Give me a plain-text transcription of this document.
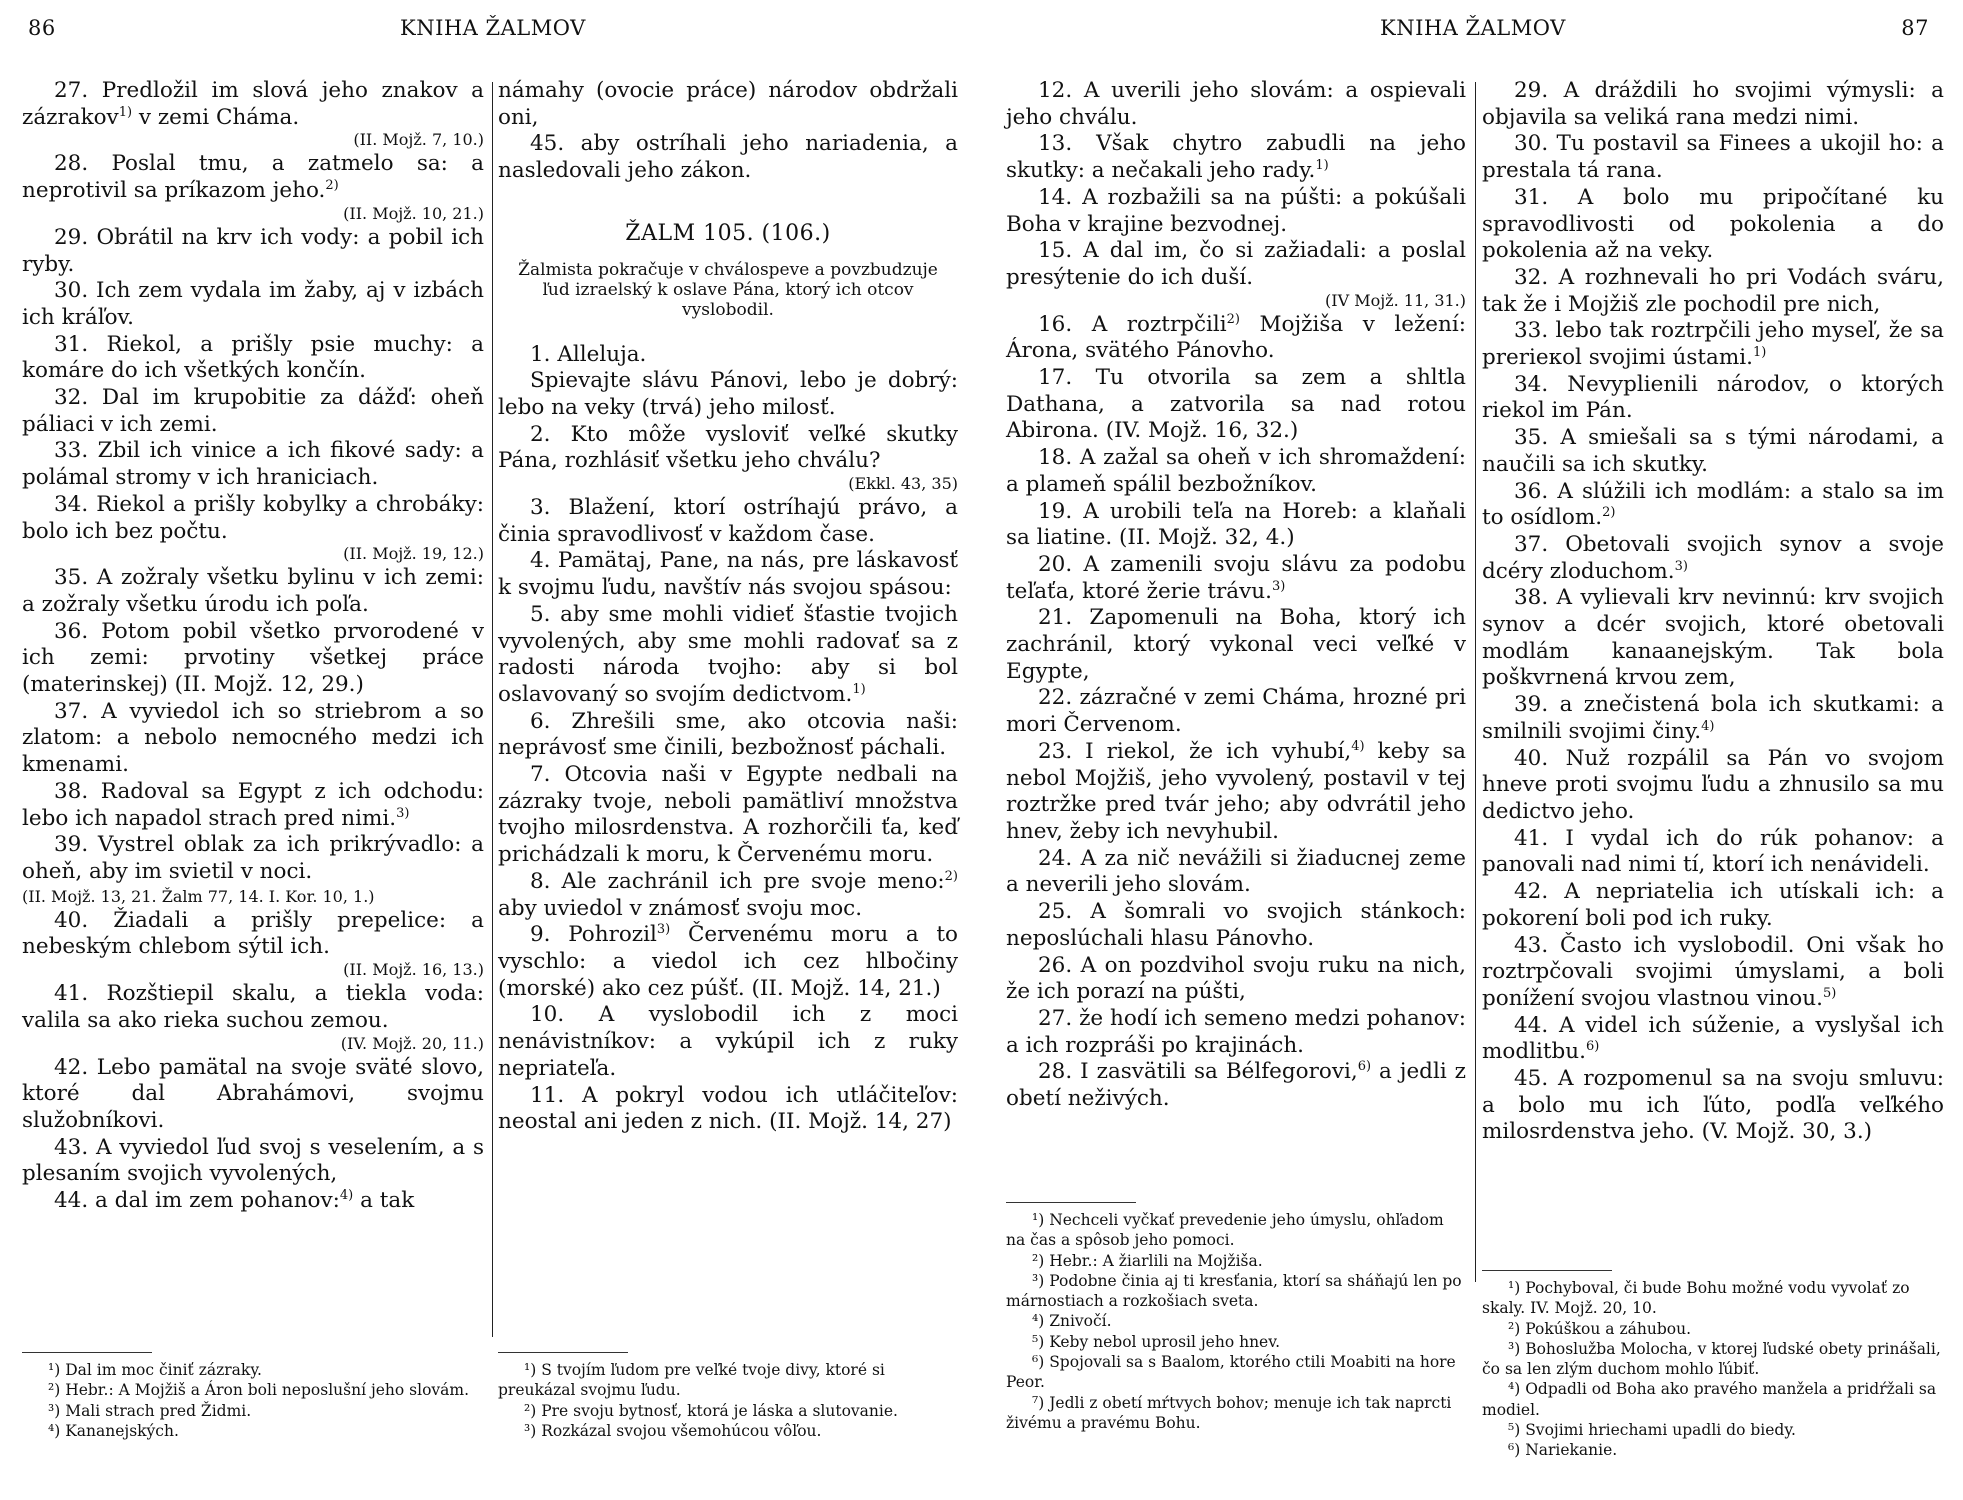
86	KNIHA ŽALMOV

27. Predložil im slová jeho znakov a zázrakov$^{1)}$ v zemi Cháma.

(II. Mojž. 7, 10.)

28. Poslal tmu, a zatmelo sa: a neprotivil sa príkazom jeho.$^{2)}$

(II. Mojž. 10, 21.)

29. Obrátil na krv ich vody: a pobil ich ryby.

30. Ich zem vydala im žaby, aj v izbách ich kráľov.

31. Riekol, a prišly psie muchy: a komáre do ich všetkých končín.

32. Dal im krupobitie za dážď: oheň páliaci v ich zemi.

33. Zbil ich vinice a ich fikové sady: a polámal stromy v ich hraniciach.

34. Riekol a prišly kobylky a chrobáky: bolo ich bez počtu.

(II. Mojž. 19, 12.)

35. A zožraly všetku bylinu v ich zemi: a zožraly všetku úrodu ich poľa.

36. Potom pobil všetko prvorodené v ich zemi: prvotiny všetkej práce (materinskej) (II. Mojž. 12, 29.)

37. A vyviedol ich so striebrom a so zlatom: a nebolo nemocného medzi ich kmenami.

38. Radoval sa Egypt z ich odchodu: lebo ich napadol strach pred nimi.$^{3)}$

39. Vystrel oblak za ich prikrývadlo: a oheň, aby im svietil v noci.

(II. Mojž. 13, 21. Žalm 77, 14. I. Kor. 10, 1.)

40. Žiadali a prišly prepelice: a nebeským chlebom sýtil ich.

(II. Mojž. 16, 13.)

41. Rozštiepil skalu, a tiekla voda: valila sa ako rieka suchou zemou.

(IV. Mojž. 20, 11.)

42. Lebo pamätal na svoje sväté slovo, ktoré dal Abrahámovi, svojmu služobníkovi.

43. A vyviedol ľud svoj s veselením, a s plesaním svojich vyvolených,

44. a dal im zem pohanov:$^{4)}$ a tak

námahy (ovocie práce) národov obdržali oni,

45. aby ostríhali jeho nariadenia, a nasledovali jeho zákon.

ŽALM 105. (106.)
Žalmista pokračuje v chválospeve a povzbudzuje ľud izraelský k oslave Pána, ktorý ich otcov vyslobodil.

1. Alleluja.

Spievajte slávu Pánovi, lebo je dobrý: lebo na veky (trvá) jeho milosť.

2. Kto môže vysloviť veľké skutky Pána, rozhlásiť všetku jeho chválu?

(Ekkl. 43, 35)

3. Blažení, ktorí ostríhajú právo, a činia spravodlivosť v každom čase.

4. Pamätaj, Pane, na nás, pre láskavosť k svojmu ľudu, navštív nás svojou spásou:

5. aby sme mohli vidieť šťastie tvojich vyvolených, aby sme mohli radovať sa z radosti národa tvojho: aby si bol oslavovaný so svojím dedictvom.$^{1)}$

6. Zhrešili sme, ako otcovia naši: neprávosť sme činili, bezbožnosť páchali.

7. Otcovia naši v Egypte nedbali na zázraky tvoje, neboli pamätliví množstva tvojho milosrdenstva. A rozhorčili ťa, keď prichádzali k moru, k Červenému moru.

8. Ale zachránil ich pre svoje meno:$^{2)}$ aby uviedol v známosť svoju moc.

9. Pohrozil$^{3)}$ Červenému moru a to vyschlo: a viedol ich cez hlbočiny (morské) ako cez púšť. (II. Mojž. 14, 21.)

10. A vyslobodil ich z moci nenávistníkov: a vykúpil ich z ruky nepriateľa.

11. A pokryl vodou ich utláčiteľov: neostal ani jeden z nich. (II. Mojž. 14, 27)

¹) Dal im moc činiť zázraky.

²) Hebr.: A Mojžiš a Áron boli neposlušní jeho slovám.

³) Mali strach pred Židmi.

⁴) Kananejských.

¹) S tvojím ľudom pre veľké tvoje divy, ktoré si preukázal svojmu ľudu.

²) Pre svoju bytnosť, ktorá je láska a slutovanie.

³) Rozkázal svojou všemohúcou vôľou.

KNIHA ŽALMOV	87

12. A uverili jeho slovám: a ospievali jeho chválu.

13. Však chytro zabudli na jeho skutky: a nečakali jeho rady.$^{1)}$

14. A rozbažili sa na púšti: a pokúšali Boha v krajine bezvodnej.

15. A dal im, čo si zažiadali: a poslal presýtenie do ich duší.

(IV Mojž. 11, 31.)

16. A roztrpčili$^{2)}$ Mojžiša v ležení: Árona, svätého Pánovho.

17. Tu otvorila sa zem a shltla Dathana, a zatvorila sa nad rotou Abirona. (IV. Mojž. 16, 32.)

18. A zažal sa oheň v ich shromaždení: a plameň spálil bezbožníkov.

19. A urobili teľa na Horeb: a klaňali sa liatine. (II. Mojž. 32, 4.)

20. A zamenili svoju slávu za podobu teľaťa, ktoré žerie trávu.$^{3)}$

21. Zapomenuli na Boha, ktorý ich zachránil, ktorý vykonal veci veľké v Egypte,

22. zázračné v zemi Cháma, hrozné pri mori Červenom.

23. I riekol, že ich vyhubí,$^{4)}$ keby sa nebol Mojžiš, jeho vyvolený, postavil v tej roztržke pred tvár jeho; aby odvrátil jeho hnev, žeby ich nevyhubil.

24. A za nič nevážili si žiaducnej zeme a neverili jeho slovám.

25. A šomrali vo svojich stánkoch: neposlúchali hlasu Pánovho.

26. A on pozdvihol svoju ruku na nich, že ich porazí na púšti,

27. že hodí ich semeno medzi pohanov: a ich rozpráši po krajinách.

28. I zasvätili sa Bélfegorovi,$^{6)}$ a jedli z obetí neživých.

29. A dráždili ho svojimi výmysli: a objavila sa veliká rana medzi nimi.

30. Tu postavil sa Finees a ukojil ho: a prestala tá rana.

31. A bolo mu pripočítané ku spravodlivosti od pokolenia a do pokolenia až na veky.

32. A rozhnevali ho pri Vodách sváru, tak že i Mojžiš zle pochodil pre nich,

33. lebo tak roztrpčili jeho myseľ, že sa prerieкol svojimi ústami.$^{1)}$

34. Nevyplienili národov, o ktorých riekol im Pán.

35. A smiešali sa s tými národami, a naučili sa ich skutky.

36. A slúžili ich modlám: a stalo sa im to osídlom.$^{2)}$

37. Obetovali svojich synov a svoje dcéry zloduchom.$^{3)}$

38. A vylievali krv nevinnú: krv svojich synov a dcér svojich, ktoré obetovali modlám kanaanejským. Tak bola poškvrnená krvou zem,

39. a znečistená bola ich skutkami: a smilnili svojimi činy.$^{4)}$

40. Nuž rozpálil sa Pán vo svojom hneve proti svojmu ľudu a zhnusilo sa mu dedictvo jeho.

41. I vydal ich do rúk pohanov: a panovali nad nimi tí, ktorí ich nenávideli.

42. A nepriatelia ich utískali ich: a pokorení boli pod ich ruky.

43. Často ich vyslobodil. Oni však ho roztrpčovali svojimi úmyslami, a boli ponížení svojou vlastnou vinou.$^{5)}$

44. A videl ich súženie, a vyslyšal ich modlitbu.$^{6)}$

45. A rozpomenul sa na svoju smluvu: a bolo mu ich ľúto, podľa veľkého milosrdenstva jeho. (V. Mojž. 30, 3.)

¹) Nechceli vyčkať prevedenie jeho úmyslu, ohľadom na čas a spôsob jeho pomoci.

²) Hebr.: A žiarlili na Mojžiša.

³) Podobne činia aj ti kresťania, ktorí sa sháňajú len po márnostiach a rozkošiach sveta.

⁴) Znivočí.

⁵) Keby nebol uprosil jeho hnev.

⁶) Spojovali sa s Baalom, ktorého ctili Moabiti na hore Peor.

⁷) Jedli z obetí mŕtvych bohov; menuje ich tak naprcti živému a pravému Bohu.

¹) Pochyboval, či bude Bohu možné vodu vyvolať zo skaly. IV. Mojž. 20, 10.

²) Pokúškou a záhubou.

³) Bohoslužba Molocha, v ktorej ľudské obety prinášali, čo sa len zlým duchom mohlo ľúbiť.

⁴) Odpadli od Boha ako pravého manžela a pridŕžali sa modiel.

⁵) Svojimi hriechami upadli do biedy.

⁶) Nariekanie.
